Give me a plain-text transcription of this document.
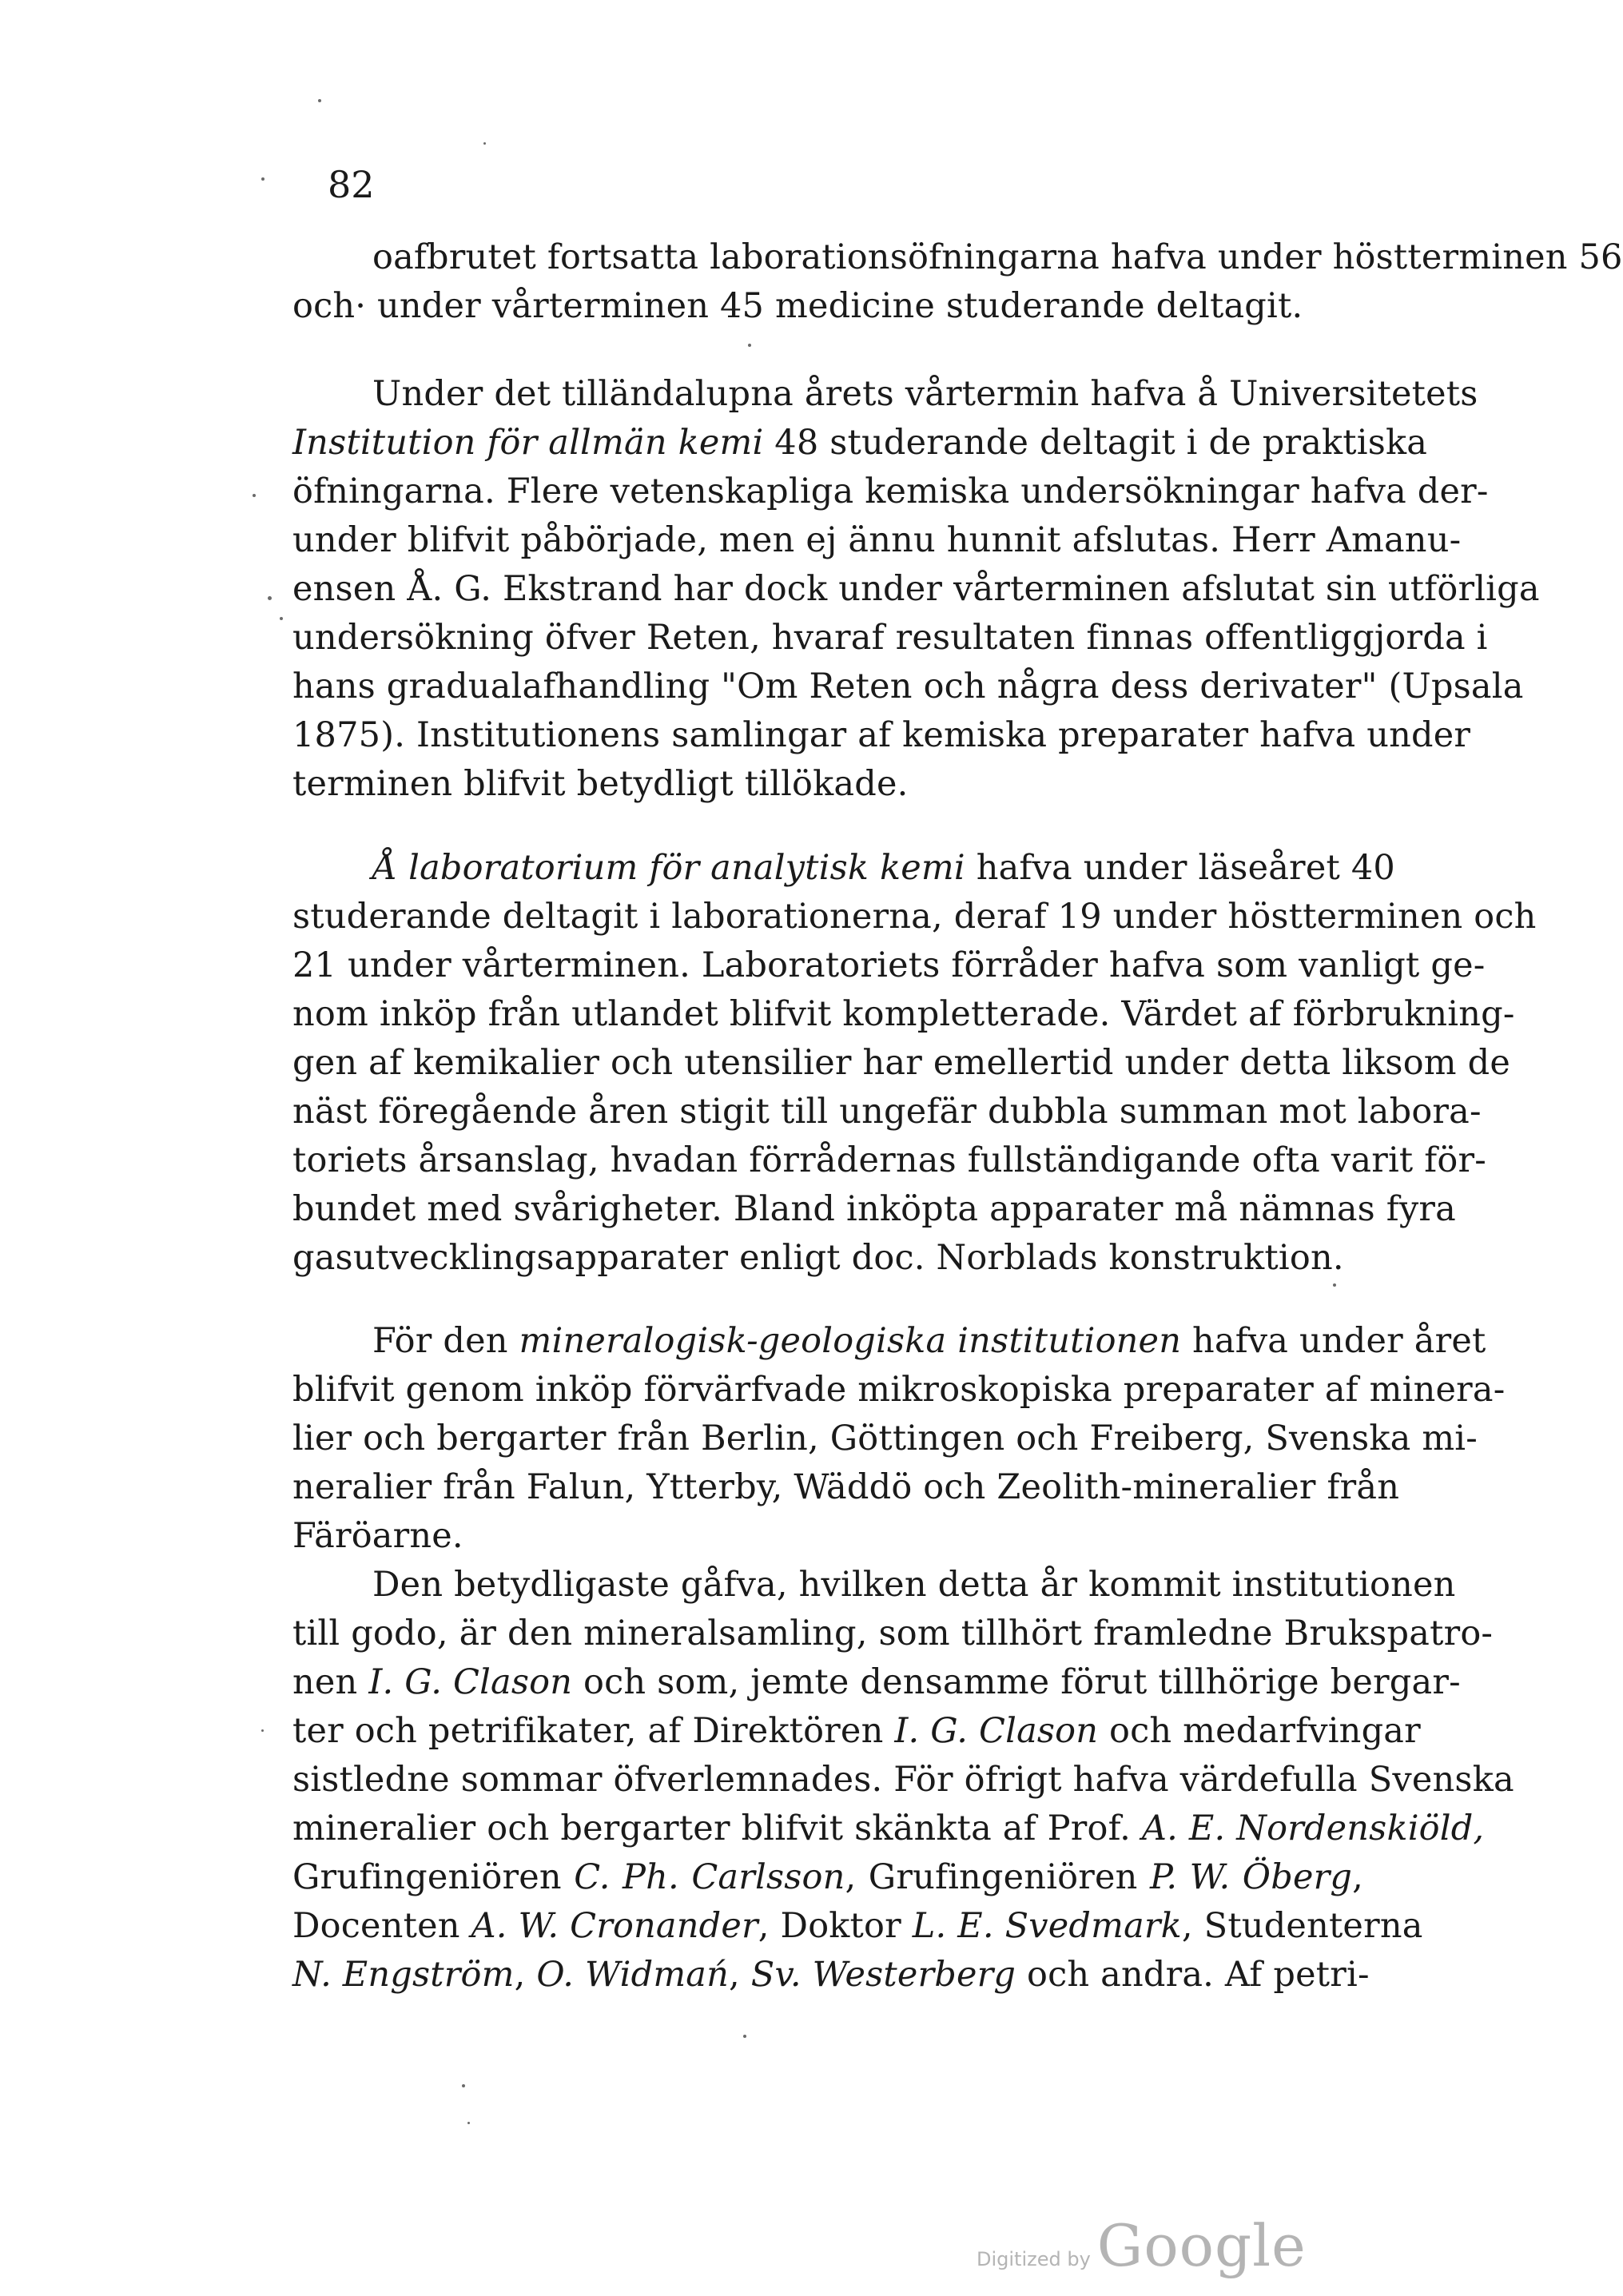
82
oafbrutet fortsatta laborationsöfningarna hafva under höstterminen 56
och· under vårterminen 45 medicine studerande deltagit.
Under det tilländalupna årets vårtermin hafva å Universitetets
Institution för allmän kemi 48 studerande deltagit i de praktiska
öfningarna. Flere vetenskapliga kemiska undersökningar hafva der-
under blifvit påbörjade, men ej ännu hunnit afslutas. Herr Amanu-
ensen Å. G. Ekstrand har dock under vårterminen afslutat sin utförliga
undersökning öfver Reten, hvaraf resultaten finnas offentliggjorda i
hans gradualafhandling "Om Reten och några dess derivater" (Upsala
1875). Institutionens samlingar af kemiska preparater hafva under
terminen blifvit betydligt tillökade.
Å laboratorium för analytisk kemi hafva under läseåret 40
studerande deltagit i laborationerna, deraf 19 under höstterminen och
21 under vårterminen. Laboratoriets förråder hafva som vanligt ge-
nom inköp från utlandet blifvit kompletterade. Värdet af förbrukning-
gen af kemikalier och utensilier har emellertid under detta liksom de
näst föregående åren stigit till ungefär dubbla summan mot labora-
toriets årsanslag, hvadan förrådernas fullständigande ofta varit för-
bundet med svårigheter. Bland inköpta apparater må nämnas fyra
gasutvecklingsapparater enligt doc. Norblads konstruktion.
För den mineralogisk-geologiska institutionen hafva under året
blifvit genom inköp förvärfvade mikroskopiska preparater af minera-
lier och bergarter från Berlin, Göttingen och Freiberg, Svenska mi-
neralier från Falun, Ytterby, Wäddö och Zeolith-mineralier från
Färöarne.
Den betydligaste gåfva, hvilken detta år kommit institutionen
till godo, är den mineralsamling, som tillhört framledne Brukspatro-
nen I. G. Clason och som, jemte densamme förut tillhörige bergar-
ter och petrifikater, af Direktören I. G. Clason och medarfvingar
sistledne sommar öfverlemnades. För öfrigt hafva värdefulla Svenska
mineralier och bergarter blifvit skänkta af Prof. A. E. Nordenskiöld,
Grufingeniören C. Ph. Carlsson, Grufingeniören P. W. Öberg,
Docenten A. W. Cronander, Doktor L. E. Svedmark, Studenterna
N. Engström, O. Widmań, Sv. Westerberg och andra. Af petri-
Digitized by Google
